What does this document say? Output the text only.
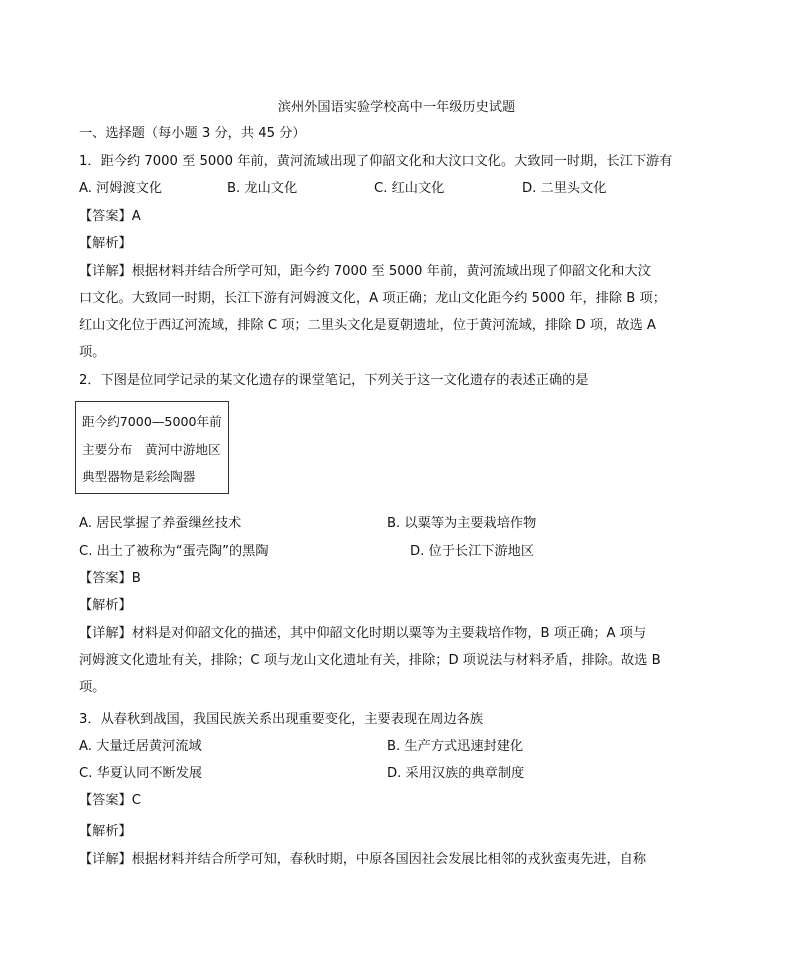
滨州外国语实验学校高中一年级历史试题
一、选择题（每小题 3 分，共 45 分）
1．距今约 7000 至 5000 年前，黄河流域出现了仰韶文化和大汶口文化。大致同一时期，长江下游有
A. 河姆渡文化	B. 龙山文化	C. 红山文化	D. 二里头文化
【答案】A
【解析】
【详解】根据材料并结合所学可知，距今约 7000 至 5000 年前，黄河流域出现了仰韶文化和大汶
口文化。大致同一时期，长江下游有河姆渡文化，A 项正确；龙山文化距今约 5000 年，排除 B 项；
红山文化位于西辽河流域，排除 C 项；二里头文化是夏朝遗址，位于黄河流域，排除 D 项，故选 A
项。
2．下图是位同学记录的某文化遗存的课堂笔记，下列关于这一文化遗存的表述正确的是
距今约7000—5000年前
主要分布　黄河中游地区
典型器物是彩绘陶器
A. 居民掌握了养蚕缫丝技术	B. 以粟等为主要栽培作物
C. 出土了被称为“蛋壳陶”的黑陶	D. 位于长江下游地区
【答案】B
【解析】
【详解】材料是对仰韶文化的描述，其中仰韶文化时期以粟等为主要栽培作物，B 项正确；A 项与
河姆渡文化遗址有关，排除；C 项与龙山文化遗址有关，排除；D 项说法与材料矛盾，排除。故选 B
项。
3．从春秋到战国，我国民族关系出现重要变化，主要表现在周边各族
A. 大量迁居黄河流域	B. 生产方式迅速封建化
C. 华夏认同不断发展	D. 采用汉族的典章制度
【答案】C
【解析】
【详解】根据材料并结合所学可知，春秋时期，中原各国因社会发展比相邻的戎狄蛮夷先进，自称
